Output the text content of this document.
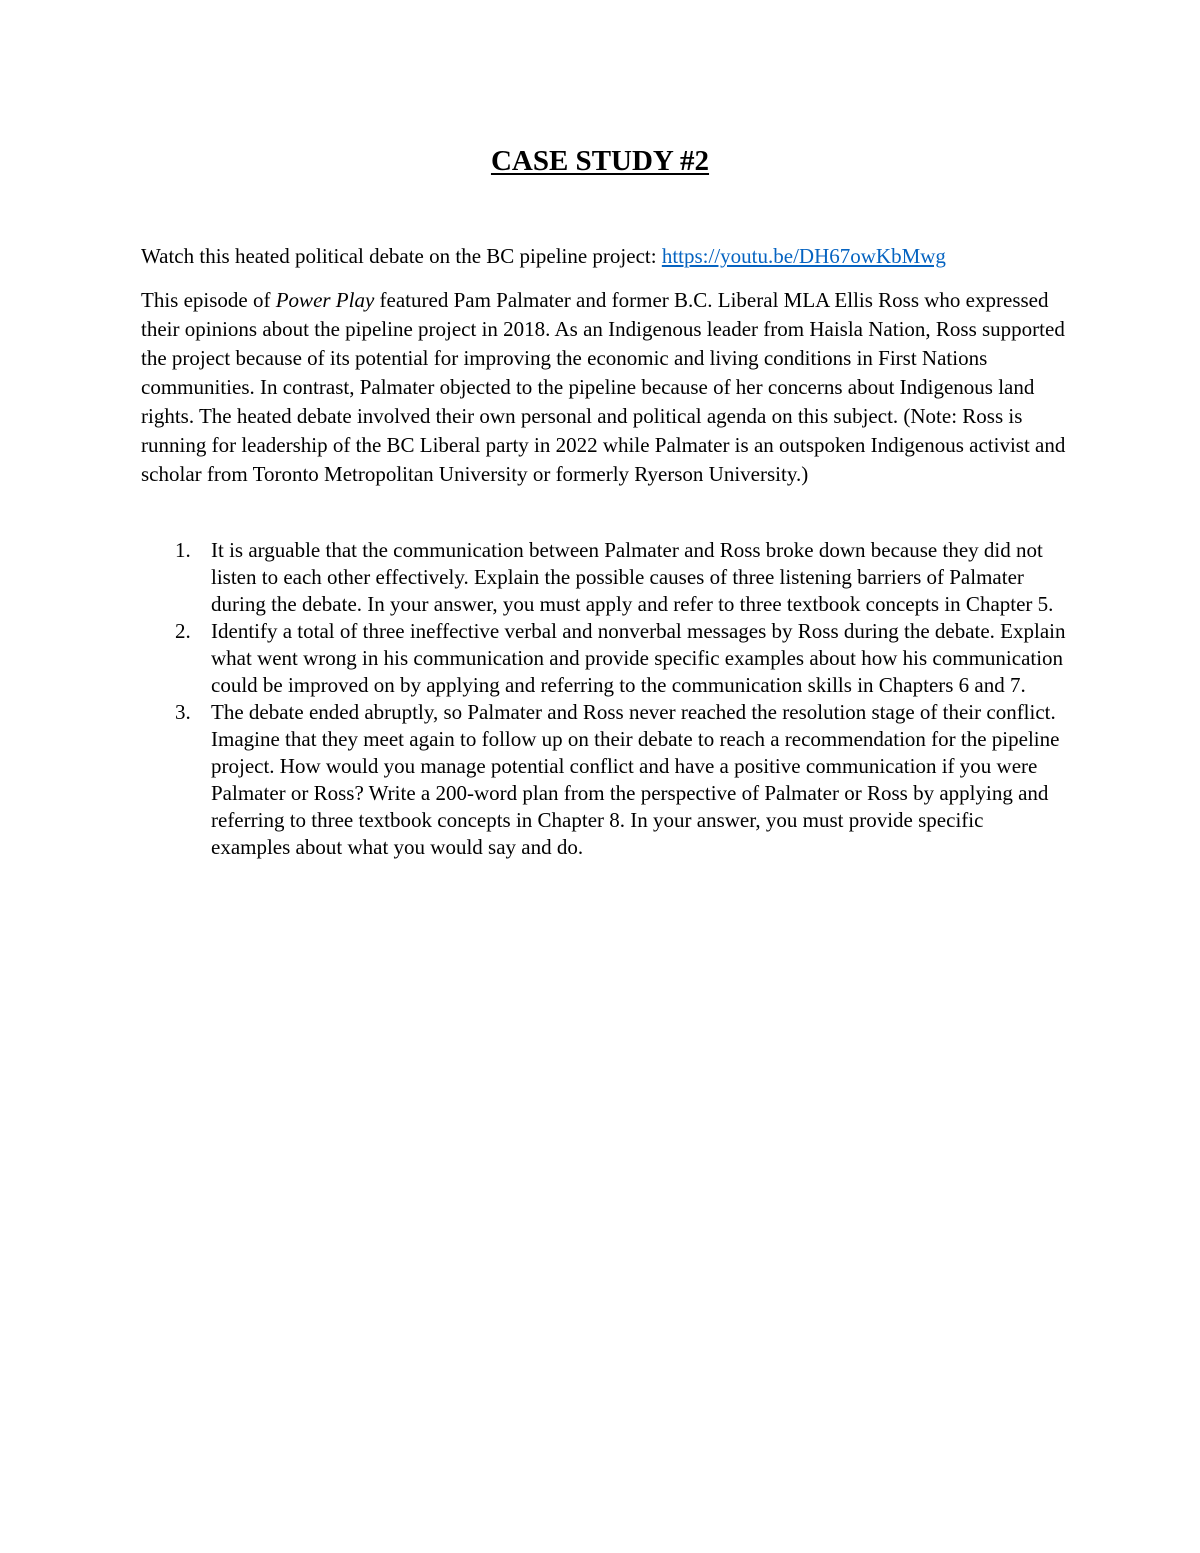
CASE STUDY #2
Watch this heated political debate on the BC pipeline project: https://youtu.be/DH67owKbMwg
This episode of Power Play featured Pam Palmater and former B.C. Liberal MLA Ellis Ross who expressed their opinions about the pipeline project in 2018. As an Indigenous leader from Haisla Nation, Ross supported the project because of its potential for improving the economic and living conditions in First Nations communities. In contrast, Palmater objected to the pipeline because of her concerns about Indigenous land rights. The heated debate involved their own personal and political agenda on this subject. (Note: Ross is running for leadership of the BC Liberal party in 2022 while Palmater is an outspoken Indigenous activist and scholar from Toronto Metropolitan University or formerly Ryerson University.)
1. It is arguable that the communication between Palmater and Ross broke down because they did not listen to each other effectively. Explain the possible causes of three listening barriers of Palmater during the debate. In your answer, you must apply and refer to three textbook concepts in Chapter 5.
2. Identify a total of three ineffective verbal and nonverbal messages by Ross during the debate. Explain what went wrong in his communication and provide specific examples about how his communication could be improved on by applying and referring to the communication skills in Chapters 6 and 7.
3. The debate ended abruptly, so Palmater and Ross never reached the resolution stage of their conflict. Imagine that they meet again to follow up on their debate to reach a recommendation for the pipeline project. How would you manage potential conflict and have a positive communication if you were Palmater or Ross? Write a 200-word plan from the perspective of Palmater or Ross by applying and referring to three textbook concepts in Chapter 8. In your answer, you must provide specific examples about what you would say and do.
